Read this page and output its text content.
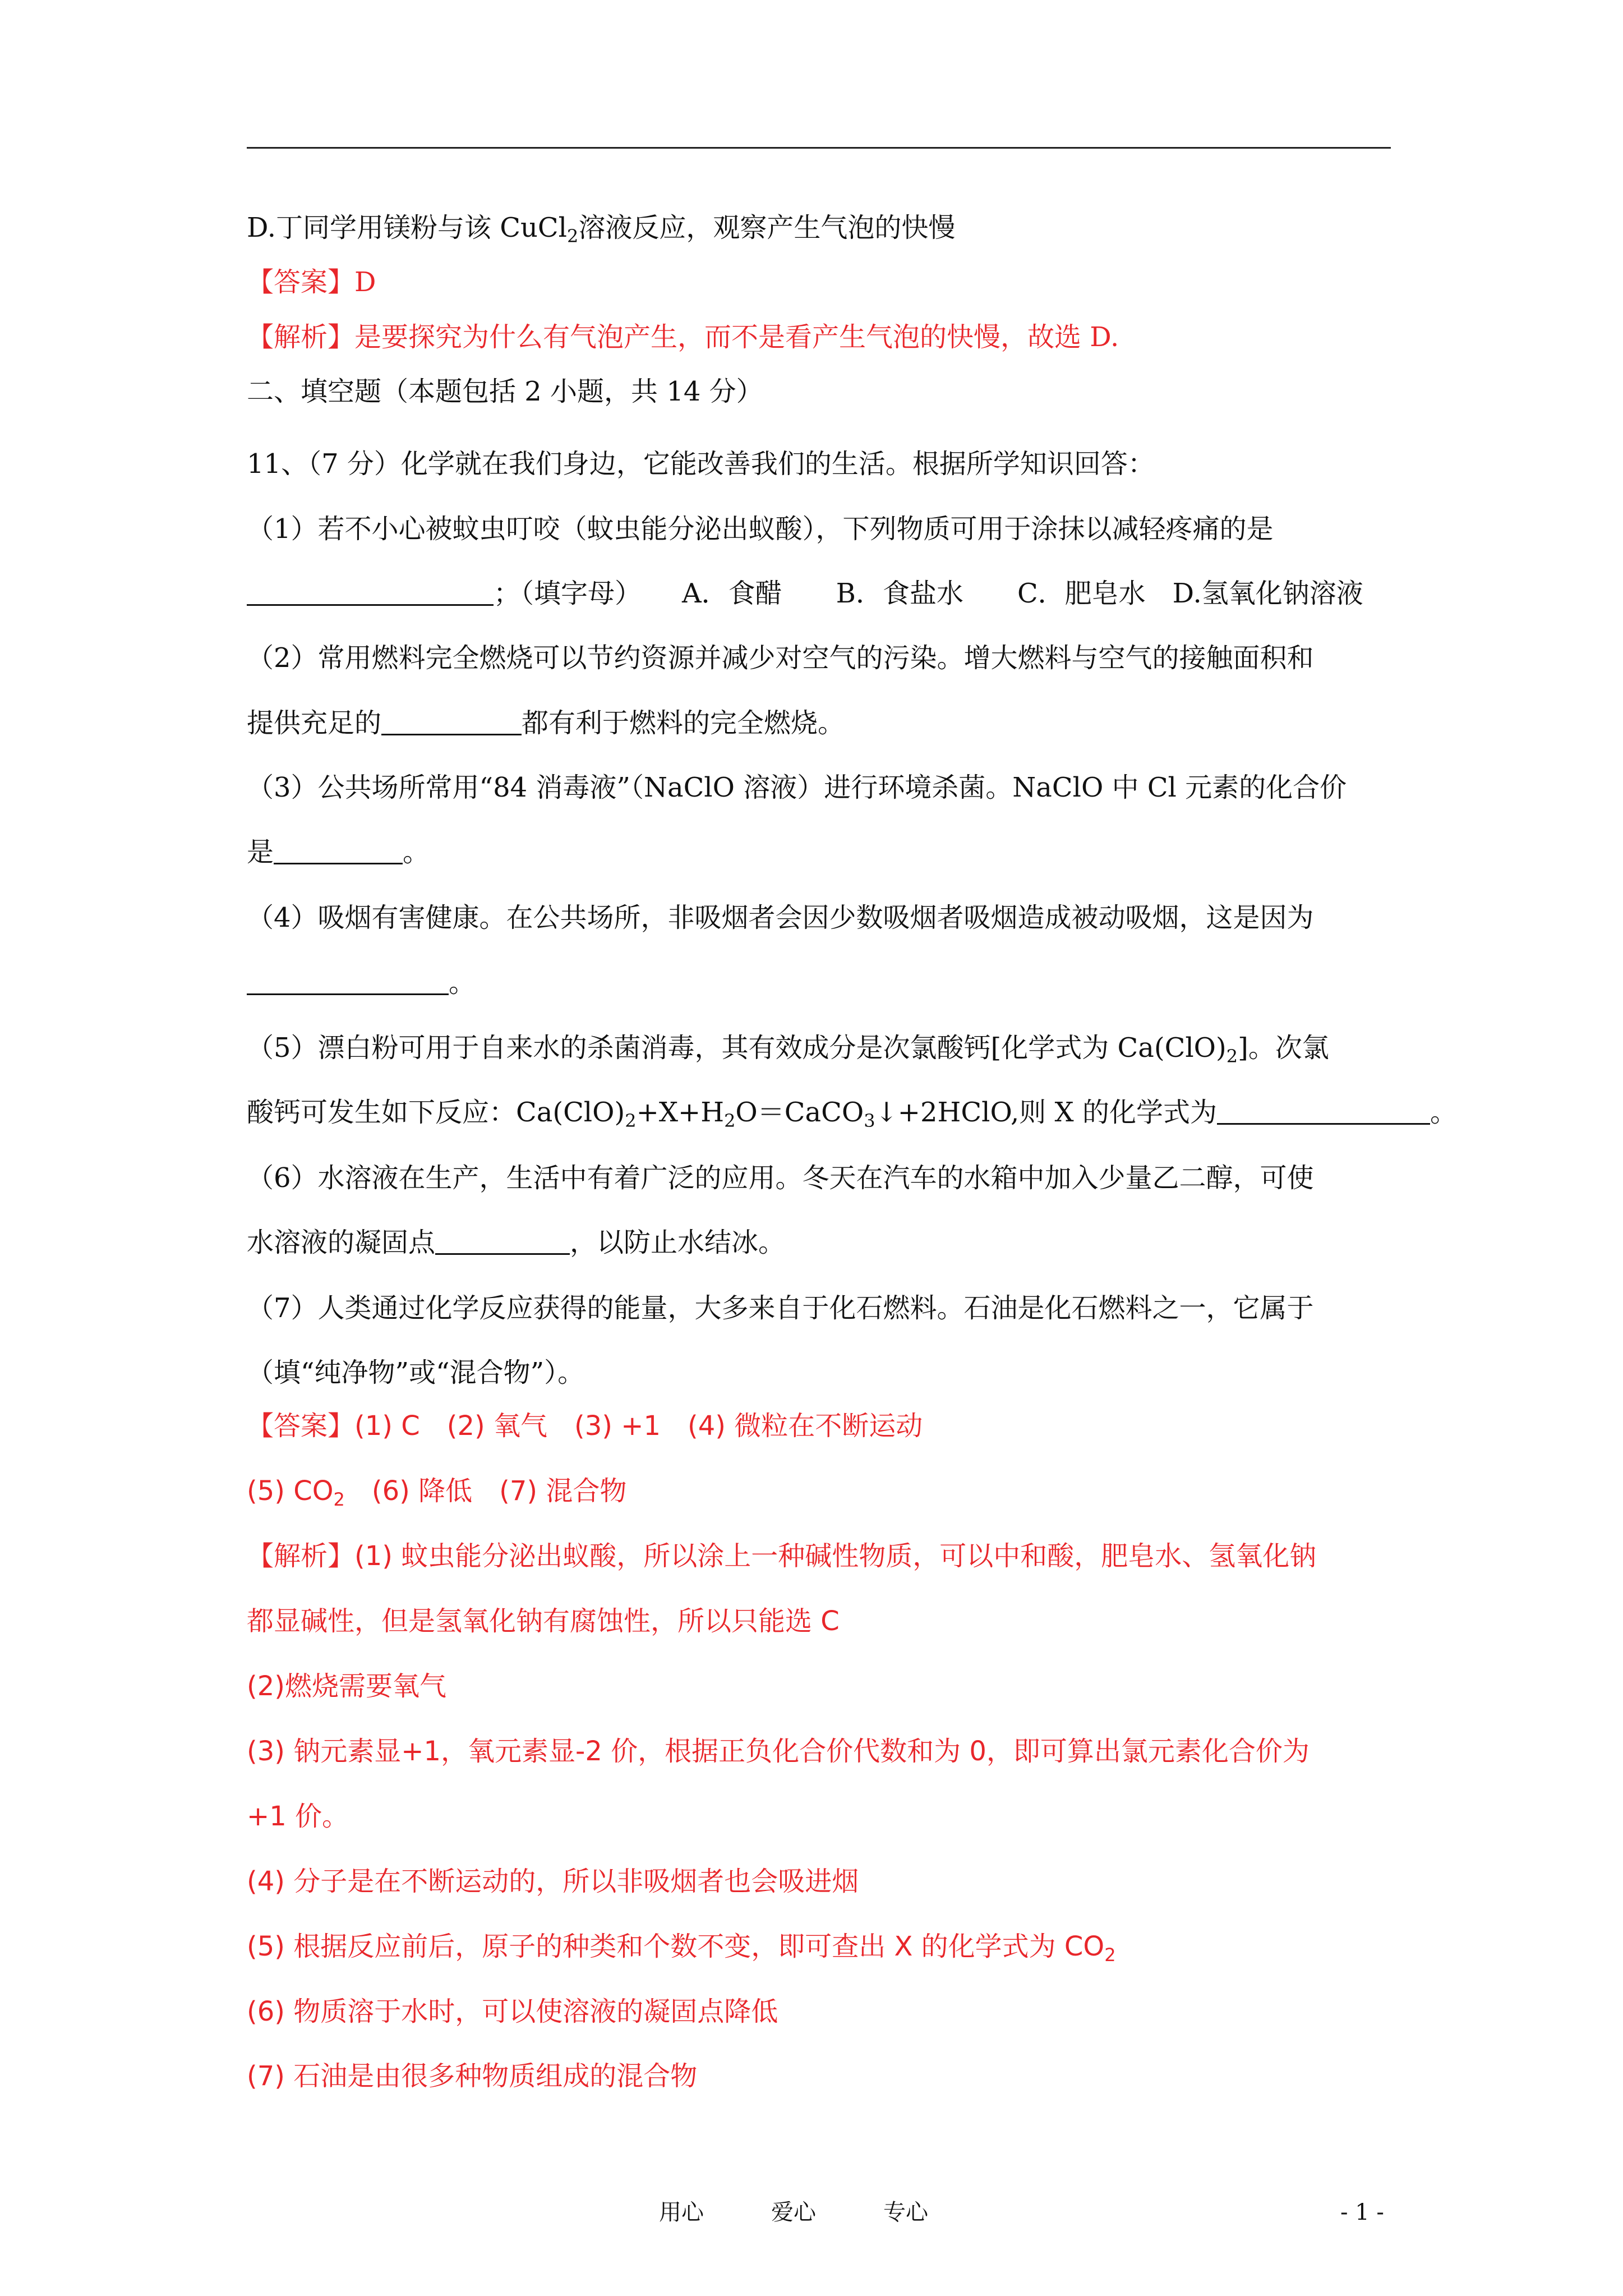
D.丁同学用镁粉与该 CuCl$_2$溶液反应，观察产生气泡的快慢
【答案】D
【解析】是要探究为什么有气泡产生，而不是看产生气泡的快慢，故选 D.
二、填空题（本题包括 2 小题，共 14 分）
11、（7 分）化学就在我们身边，它能改善我们的生活。根据所学知识回答：
（1）若不小心被蚊虫叮咬（蚊虫能分泌出蚁酸），下列物质可用于涂抹以减轻疼痛的是
；（填字母）　　A．食醋　　B．食盐水　　C．肥皂水　D.氢氧化钠溶液
（2）常用燃料完全燃烧可以节约资源并减少对空气的污染。增大燃料与空气的接触面积和
提供充足的	都有利于燃料的完全燃烧。
（3）公共场所常用“84 消毒液”（NaClO 溶液）进行环境杀菌。NaClO 中 Cl 元素的化合价
是	。
（4）吸烟有害健康。在公共场所，非吸烟者会因少数吸烟者吸烟造成被动吸烟，这是因为
。
（5）漂白粉可用于自来水的杀菌消毒，其有效成分是次氯酸钙[化学式为 $Ca(ClO)_2$]。次氯
酸钙可发生如下反应：$Ca(ClO)_2+X+H_2O=CaCO_3↓+2HClO$,则 X 的化学式为	。
（6）水溶液在生产，生活中有着广泛的应用。冬天在汽车的水箱中加入少量乙二醇，可使
水溶液的凝固点	，以防止水结冰。
（7）人类通过化学反应获得的能量，大多来自于化石燃料。石油是化石燃料之一，它属于
（填“纯净物”或“混合物”）。
【答案】(1) C　(2) 氧气　(3) +1　(4) 微粒在不断运动
(5) $CO_2$　(6) 降低　(7) 混合物
【解析】(1) 蚊虫能分泌出蚁酸，所以涂上一种碱性物质，可以中和酸，肥皂水、氢氧化钠
都显碱性，但是氢氧化钠有腐蚀性，所以只能选 C
(2)燃烧需要氧气
(3) 钠元素显+1，氧元素显-2 价，根据正负化合价代数和为 0，即可算出氯元素化合价为
+1 价。
(4) 分子是在不断运动的，所以非吸烟者也会吸进烟
(5) 根据反应前后，原子的种类和个数不变，即可查出 X 的化学式为 $CO_2$
(6) 物质溶于水时，可以使溶液的凝固点降低
(7) 石油是由很多种物质组成的混合物
用心	爱心	专心	- 1 -
